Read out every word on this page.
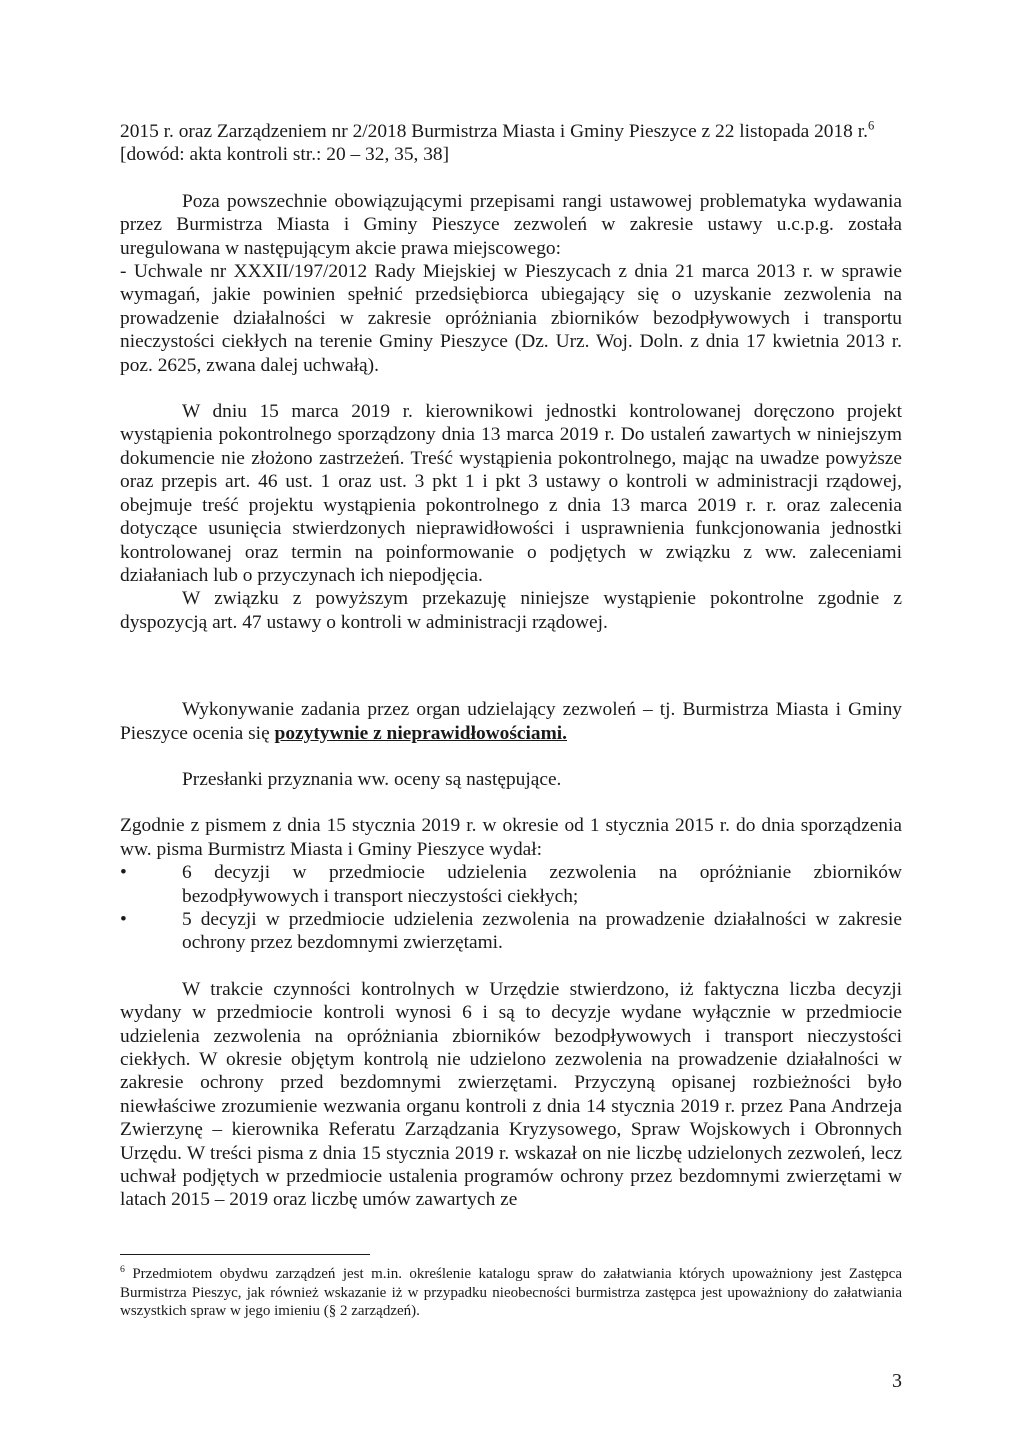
2015 r. oraz Zarządzeniem nr 2/2018 Burmistrza Miasta i Gminy Pieszyce z 22 listopada 2018 r.$^6$
[dowód: akta kontroli str.: 20 – 32, 35, 38]

Poza powszechnie obowiązującymi przepisami rangi ustawowej problematyka wydawania przez Burmistrza Miasta i Gminy Pieszyce zezwoleń w zakresie ustawy u.c.p.g. została uregulowana w następującym akcie prawa miejscowego:

- Uchwale nr XXXII/197/2012 Rady Miejskiej w Pieszycach z dnia 21 marca 2013 r. w sprawie wymagań, jakie powinien spełnić przedsiębiorca ubiegający się o uzyskanie zezwolenia na prowadzenie działalności w zakresie opróżniania zbiorników bezodpływowych i transportu nieczystości ciekłych na terenie Gminy Pieszyce (Dz. Urz. Woj. Doln. z dnia 17 kwietnia 2013 r. poz. 2625, zwana dalej uchwałą).

W dniu 15 marca 2019 r. kierownikowi jednostki kontrolowanej doręczono projekt wystąpienia pokontrolnego sporządzony dnia 13 marca 2019 r. Do ustaleń zawartych w niniejszym dokumencie nie złożono zastrzeżeń. Treść wystąpienia pokontrolnego, mając na uwadze powyższe oraz przepis art. 46 ust. 1 oraz ust. 3 pkt 1 i pkt 3 ustawy o kontroli w administracji rządowej, obejmuje treść projektu wystąpienia pokontrolnego z dnia 13 marca 2019 r. r. oraz zalecenia dotyczące usunięcia stwierdzonych nieprawidłowości i usprawnienia funkcjonowania jednostki kontrolowanej oraz termin na poinformowanie o podjętych w związku z ww. zaleceniami działaniach lub o przyczynach ich niepodjęcia.

W związku z powyższym przekazuję niniejsze wystąpienie pokontrolne zgodnie z dyspozycją art. 47 ustawy o kontroli w administracji rządowej.

Wykonywanie zadania przez organ udzielający zezwoleń – tj. Burmistrza Miasta i Gminy Pieszyce ocenia się pozytywnie z nieprawidłowościami.

Przesłanki przyznania ww. oceny są następujące.

Zgodnie z pismem z dnia 15 stycznia 2019 r. w okresie od 1 stycznia 2015 r. do dnia sporządzenia ww. pisma Burmistrz Miasta i Gminy Pieszyce wydał:

•	6 decyzji w przedmiocie udzielenia zezwolenia na opróżnianie zbiorników bezodpływowych i transport nieczystości ciekłych;
•	5 decyzji w przedmiocie udzielenia zezwolenia na prowadzenie działalności w zakresie ochrony przez bezdomnymi zwierzętami.

W trakcie czynności kontrolnych w Urzędzie stwierdzono, iż faktyczna liczba decyzji wydany w przedmiocie kontroli wynosi 6 i są to decyzje wydane wyłącznie w przedmiocie udzielenia zezwolenia na opróżniania zbiorników bezodpływowych i transport nieczystości ciekłych. W okresie objętym kontrolą nie udzielono zezwolenia na prowadzenie działalności w zakresie ochrony przed bezdomnymi zwierzętami. Przyczyną opisanej rozbieżności było niewłaściwe zrozumienie wezwania organu kontroli z dnia 14 stycznia 2019 r. przez Pana Andrzeja Zwierzynę – kierownika Referatu Zarządzania Kryzysowego, Spraw Wojskowych i Obronnych Urzędu. W treści pisma z dnia 15 stycznia 2019 r. wskazał on nie liczbę udzielonych zezwoleń, lecz uchwał podjętych w przedmiocie ustalenia programów ochrony przez bezdomnymi zwierzętami w latach 2015 – 2019 oraz liczbę umów zawartych ze

$^6$ Przedmiotem obydwu zarządzeń jest m.in. określenie katalogu spraw do załatwiania których upoważniony jest Zastępca Burmistrza Pieszyc, jak również wskazanie iż w przypadku nieobecności burmistrza zastępca jest upoważniony do załatwiania wszystkich spraw w jego imieniu (§ 2 zarządzeń).

3
